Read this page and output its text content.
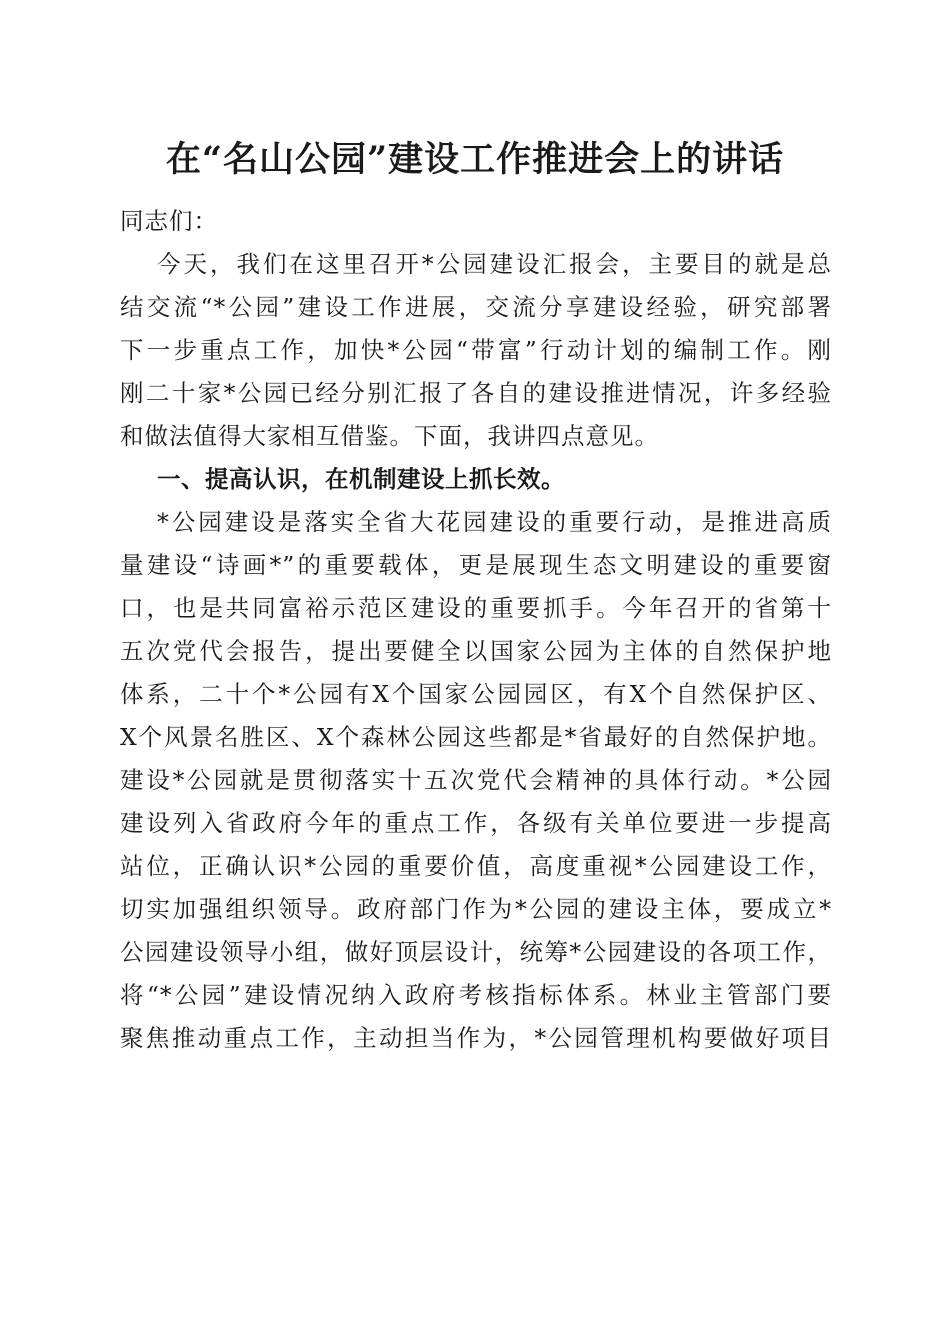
在“名山公园”建设工作推进会上的讲话
同志们：
今天，我们在这里召开*公园建设汇报会，主要目的就是总
结交流“*公园”建设工作进展，交流分享建设经验，研究部署
下一步重点工作，加快*公园“带富”行动计划的编制工作。刚
刚二十家*公园已经分别汇报了各自的建设推进情况，许多经验
和做法值得大家相互借鉴。下面，我讲四点意见。
一、提高认识，在机制建设上抓长效。
*公园建设是落实全省大花园建设的重要行动，是推进高质
量建设“诗画*”的重要载体，更是展现生态文明建设的重要窗
口，也是共同富裕示范区建设的重要抓手。今年召开的省第十
五次党代会报告，提出要健全以国家公园为主体的自然保护地
体系，二十个*公园有X个国家公园园区，有X个自然保护区、
X个风景名胜区、X个森林公园这些都是*省最好的自然保护地。
建设*公园就是贯彻落实十五次党代会精神的具体行动。*公园
建设列入省政府今年的重点工作，各级有关单位要进一步提高
站位，正确认识*公园的重要价值，高度重视*公园建设工作，
切实加强组织领导。政府部门作为*公园的建设主体，要成立*
公园建设领导小组，做好顶层设计，统筹*公园建设的各项工作，
将“*公园”建设情况纳入政府考核指标体系。林业主管部门要
聚焦推动重点工作，主动担当作为，*公园管理机构要做好项目
